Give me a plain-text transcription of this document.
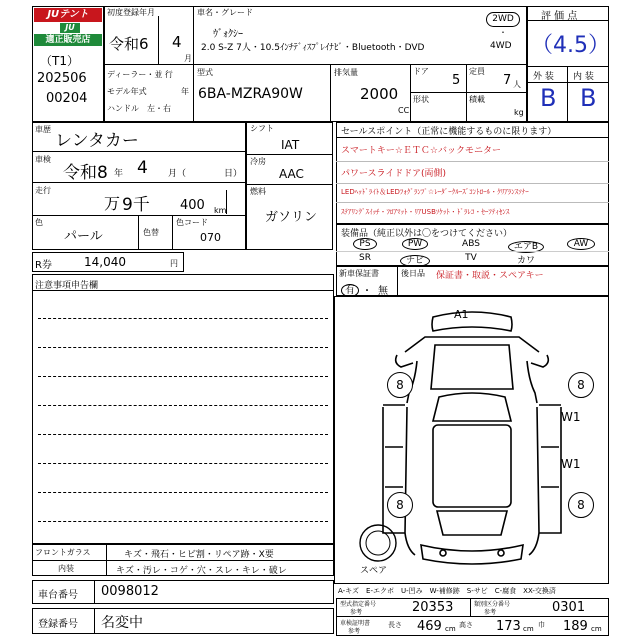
JUテント
JU
適正販売店
（T1）
202506
00204
初度登録年月
令和6 4
月
ディーラー・並 行
モデル年式	年
ハンドル　左・右
車名・グレード
ｳﾞｫｸｼｰ
2.0 S-Z 7人・10.5ｲﾝﾁﾃﾞｨｽﾌﾟﾚｲﾅﾋﾞ・Bluetooth・DVD
2WD
・
4WD
型式
6BA-MZRA90W
排気量
2000
CC
ドア
5
定員
7 人
形状	積載
kg
評 価 点
（4.5）
外 装 内 装
B B
車歴
レンタカー
車検
令和8 年 4 月（	日）
走行
万 9千 400 km
色
パール	色替
色コード
070
R券	14,040	円
シフト
IAT
冷房
AAC
燃料
ガソリン
セールスポイント（正常に機能するものに限ります）
スマートキー☆ＥＴＣ☆バックモニター
パワースライドドア(両側)
LEDﾍｯﾄﾞﾗｲﾄ＆LEDﾌｫｸﾞﾗﾝﾌﾟ☆ﾚｰﾀﾞｰｸﾙｰｽﾞｺﾝﾄﾛｰﾙ・ｸﾘｱﾗﾝｽｿﾅｰ
ｽﾃｱﾘﾝｸﾞｽｲｯﾁ・ﾌﾛｱﾏｯﾄ・ﾘｱUSBｿｹｯﾄ・ﾄﾞﾗﾚｺ・ｾｰﾌﾃｨｾﾝｽ
装備品（純正以外は〇をつけてください）
PS	PW	ABS	エアB	AW
SR	ナビ	TV	カワ
新車保証書
有 ・ 無
後日品 保証書・取説・スペアキー
注意事項申告欄
A1
W1
W1
8	8
8	8
スペア
A-キズ　E-エクボ　U-凹み　W-補修跡　S-サビ　C-腐食　XX-交換済
フロントガラス
内装
キズ・飛石・ヒビ割・リペア跡・X要
キズ・汚レ・コゲ・穴・スレ・キレ・破レ
車台番号 0098012
登録番号 名変中
型式指定番号
参考	20353	類別区分番号
参考	0301
車検証明書
参考
長さ 469 cm 高さ 173 cm 巾 189 cm
